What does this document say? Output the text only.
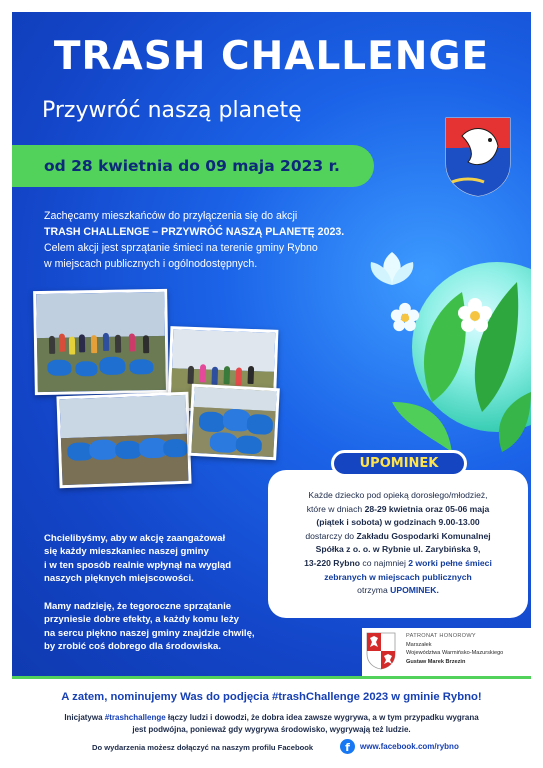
TRASH CHALLENGE
Przywróć naszą planetę
od 28 kwietnia do 09 maja 2023 r.
Zachęcamy mieszkańców do przyłączenia się do akcji
TRASH CHALLENGE – PRZYWRÓĆ NASZĄ PLANETĘ 2023.
Celem akcji jest sprzątanie śmieci na terenie gminy Rybno
w miejscach publicznych i ogólnodostępnych.
Chcielibyśmy, aby w akcję zaangażował
się każdy mieszkaniec naszej gminy
i w ten sposób realnie wpłynął na wygląd
naszych pięknych miejscowości.
Mamy nadzieję, że tegoroczne sprzątanie
przyniesie dobre efekty, a każdy komu leży
na sercu piękno naszej gminy znajdzie chwilę,
by zrobić coś dobrego dla środowiska.
Każde dziecko pod opieką dorosłego/młodzież,
które w dniach 28-29 kwietnia oraz 05-06 maja
(piątek i sobota) w godzinach 9.00-13.00
dostarczy do Zakładu Gospodarki Komunalnej
Spółka z o. o. w Rybnie ul. Zarybińska 9,
13-220 Rybno co najmniej 2 worki pełne śmieci
zebranych w miejscach publicznych
otrzyma UPOMINEK.
UPOMINEK
PATRONAT HONOROWY
Marszałek
Województwa Warmińsko-Mazurskiego
Gustaw Marek Brzezin
A zatem, nominujemy Was do podjęcia #trashChallenge 2023 w gminie Rybno!
Inicjatywa #trashchallenge łączy ludzi i dowodzi, że dobra idea zawsze wygrywa, a w tym przypadku wygrana
jest podwójna, ponieważ gdy wygrywa środowisko, wygrywają też ludzie.
Do wydarzenia możesz dołączyć na naszym profilu Facebook	f	www.facebook.com/rybno
